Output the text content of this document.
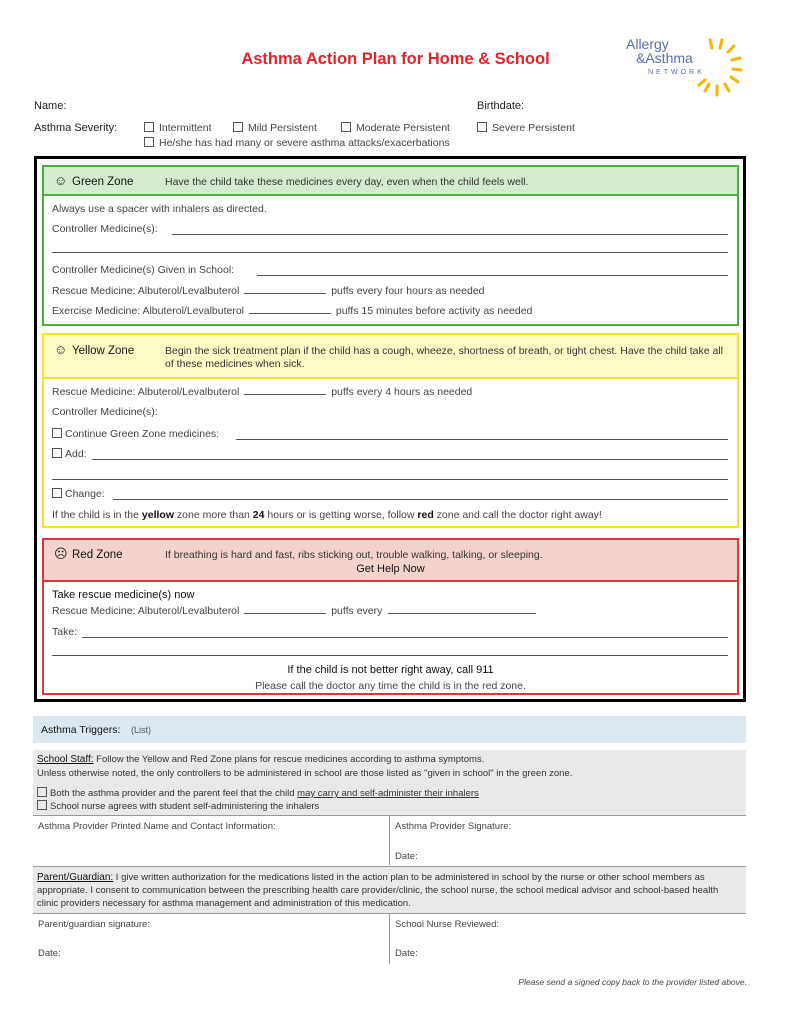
Asthma Action Plan for Home & School
Allergy
&Asthma
NETWORK
Name:	Birthdate:
Asthma Severity:	Intermittent	Mild Persistent	Moderate Persistent	Severe Persistent
He/she has had many or severe asthma attacks/exacerbations
☺ Green Zone	Have the child take these medicines every day, even when the child feels well.
Always use a spacer with inhalers as directed.
Controller Medicine(s):
Controller Medicine(s) Given in School:
Rescue Medicine: Albuterol/Levalbuterol	puffs every four hours as needed
Exercise Medicine: Albuterol/Levalbuterol	puffs 15 minutes before activity as needed
☺ Yellow Zone	Begin the sick treatment plan if the child has a cough, wheeze, shortness of breath, or tight chest. Have the child take all of these medicines when sick.
Rescue Medicine: Albuterol/Levalbuterol	puffs every 4 hours as needed
Controller Medicine(s):
Continue Green Zone medicines:
Add:
Change:
If the child is in the yellow zone more than 24 hours or is getting worse, follow red zone and call the doctor right away!
☹ Red Zone	If breathing is hard and fast, ribs sticking out, trouble walking, talking, or sleeping.
Get Help Now
Take rescue medicine(s) now
Rescue Medicine: Albuterol/Levalbuterol	puffs every
Take:
If the child is not better right away, call 911
Please call the doctor any time the child is in the red zone.
Asthma Triggers: (List)
School Staff: Follow the Yellow and Red Zone plans for rescue medicines according to asthma symptoms.
Unless otherwise noted, the only controllers to be administered in school are those listed as "given in school" in the green zone.
Both the asthma provider and the parent feel that the child may carry and self-administer their inhalers
School nurse agrees with student self-administering the inhalers
Asthma Provider Printed Name and Contact Information:	Asthma Provider Signature:
Date:
Parent/Guardian: I give written authorization for the medications listed in the action plan to be administered in school by the nurse or other school members as appropriate. I consent to communication between the prescribing health care provider/clinic, the school nurse, the school medical advisor and school-based health clinic providers necessary for asthma management and administration of this medication.
Parent/guardian signature:	School Nurse Reviewed:
Date:	Date:
Please send a signed copy back to the provider listed above.
